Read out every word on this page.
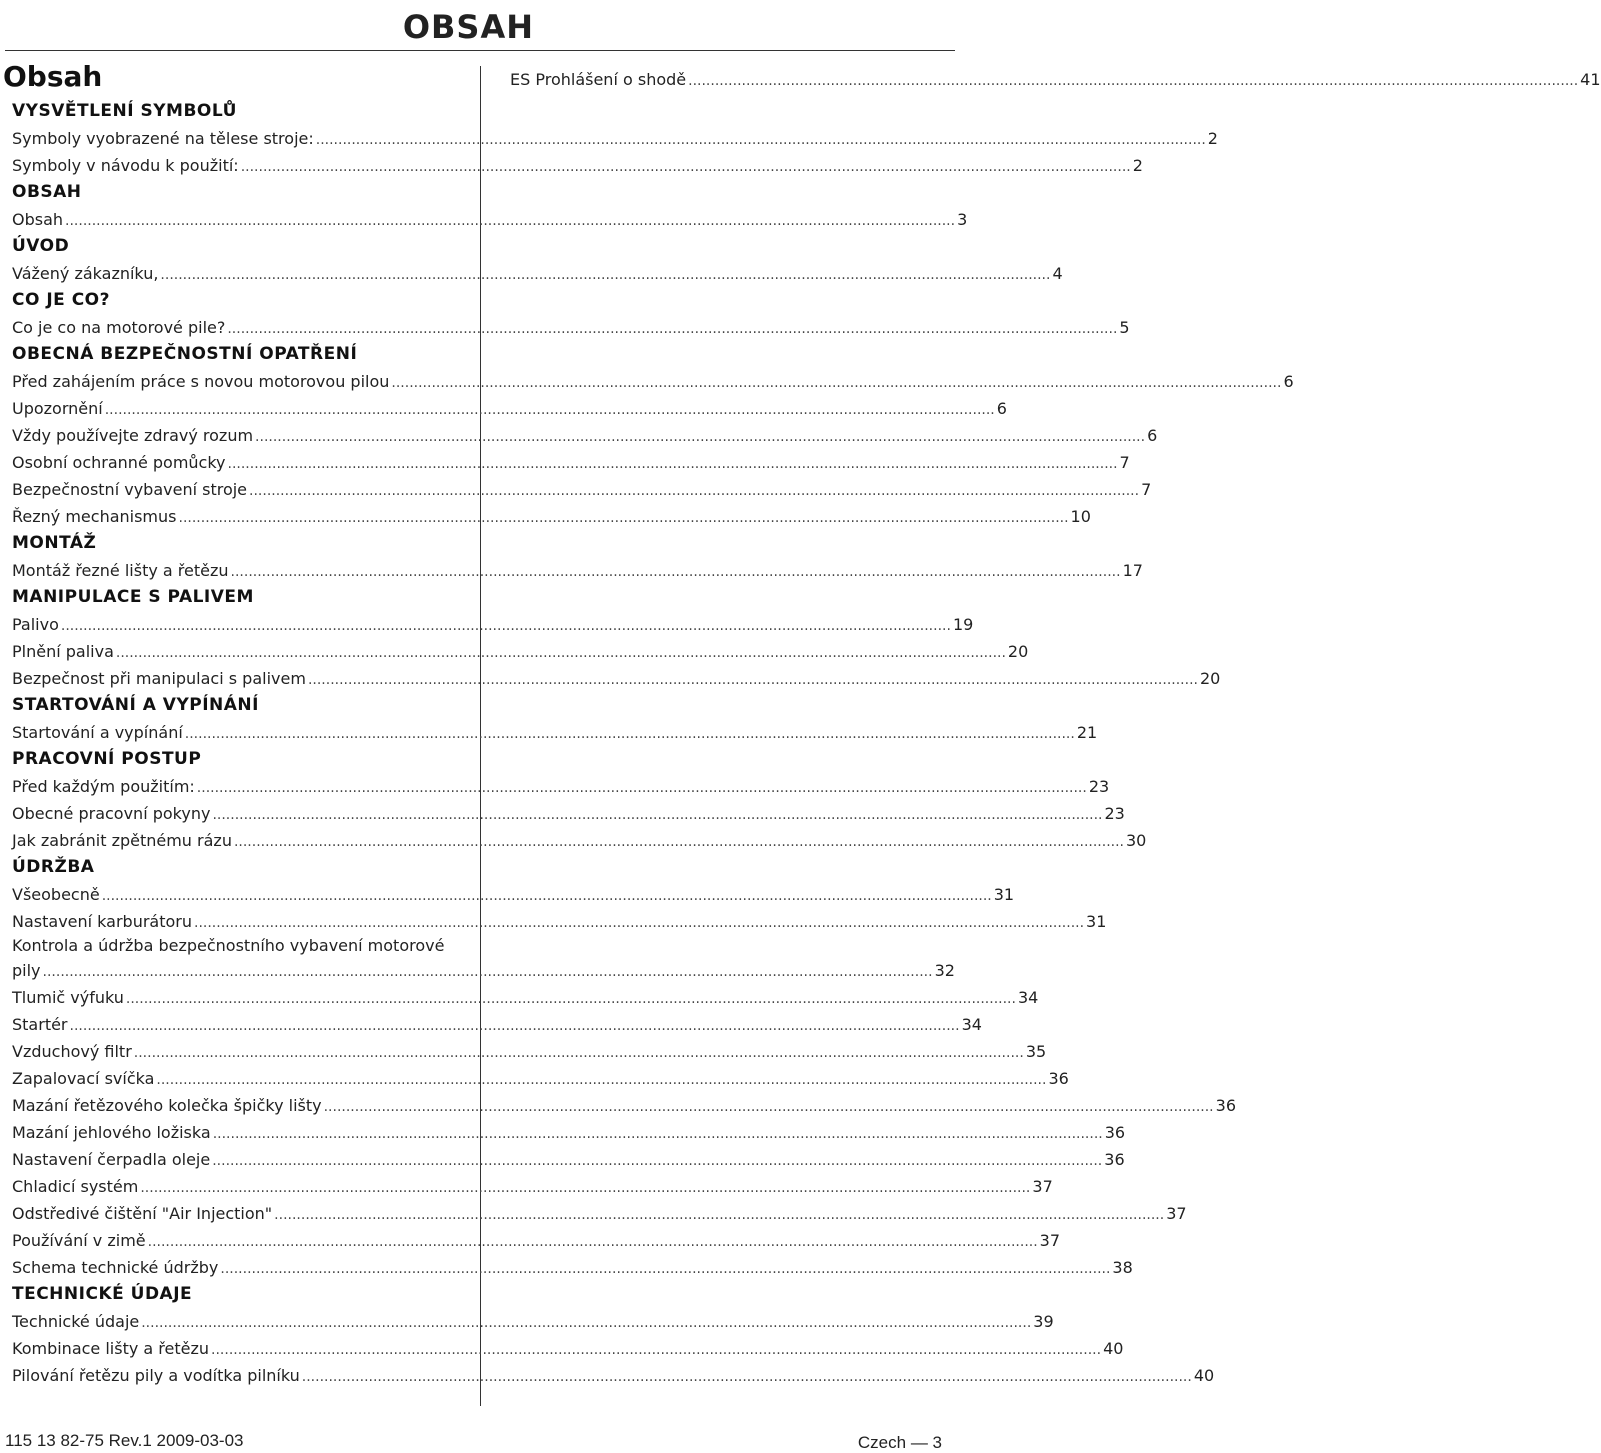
OBSAH
Obsah
VYSVĚTLENÍ SYMBOLŮ
Symboly vyobrazené na tělese stroje: ........................................................................................................................................................................................................ 2
Symboly v návodu k použití: ........................................................................................................................................................................................................ 2
OBSAH
Obsah ........................................................................................................................................................................................................ 3
ÚVOD
Vážený zákazníku, ........................................................................................................................................................................................................ 4
CO JE CO?
Co je co na motorové pile? ........................................................................................................................................................................................................ 5
OBECNÁ BEZPEČNOSTNÍ OPATŘENÍ
Před zahájením práce s novou motorovou pilou ........................................................................................................................................................................................................ 6
Upozornění ........................................................................................................................................................................................................ 6
Vždy používejte zdravý rozum ........................................................................................................................................................................................................ 6
Osobní ochranné pomůcky ........................................................................................................................................................................................................ 7
Bezpečnostní vybavení stroje ........................................................................................................................................................................................................ 7
Řezný mechanismus ........................................................................................................................................................................................................ 10
MONTÁŽ
Montáž řezné lišty a řetězu ........................................................................................................................................................................................................ 17
MANIPULACE S PALIVEM
Palivo ........................................................................................................................................................................................................ 19
Plnění paliva ........................................................................................................................................................................................................ 20
Bezpečnost při manipulaci s palivem ........................................................................................................................................................................................................ 20
STARTOVÁNÍ A VYPÍNÁNÍ
Startování a vypínání ........................................................................................................................................................................................................ 21
PRACOVNÍ POSTUP
Před každým použitím: ........................................................................................................................................................................................................ 23
Obecné pracovní pokyny ........................................................................................................................................................................................................ 23
Jak zabránit zpětnému rázu ........................................................................................................................................................................................................ 30
ÚDRŽBA
Všeobecně ........................................................................................................................................................................................................ 31
Nastavení karburátoru ........................................................................................................................................................................................................ 31
Kontrola a údržba bezpečnostního vybavení motorové
pily ........................................................................................................................................................................................................ 32
Tlumič výfuku ........................................................................................................................................................................................................ 34
Startér ........................................................................................................................................................................................................ 34
Vzduchový filtr ........................................................................................................................................................................................................ 35
Zapalovací svíčka ........................................................................................................................................................................................................ 36
Mazání řetězového kolečka špičky lišty ........................................................................................................................................................................................................ 36
Mazání jehlového ložiska ........................................................................................................................................................................................................ 36
Nastavení čerpadla oleje ........................................................................................................................................................................................................ 36
Chladicí systém ........................................................................................................................................................................................................ 37
Odstředivé čištění "Air Injection" ........................................................................................................................................................................................................ 37
Používání v zimě ........................................................................................................................................................................................................ 37
Schema technické údržby ........................................................................................................................................................................................................ 38
TECHNICKÉ ÚDAJE
Technické údaje ........................................................................................................................................................................................................ 39
Kombinace lišty a řetězu ........................................................................................................................................................................................................ 40
Pilování řetězu pily a vodítka pilníku ........................................................................................................................................................................................................ 40
ES Prohlášení o shodě ........................................................................................................................................................................................................ 41
115 13 82-75 Rev.1 2009-03-03	Czech — 3
